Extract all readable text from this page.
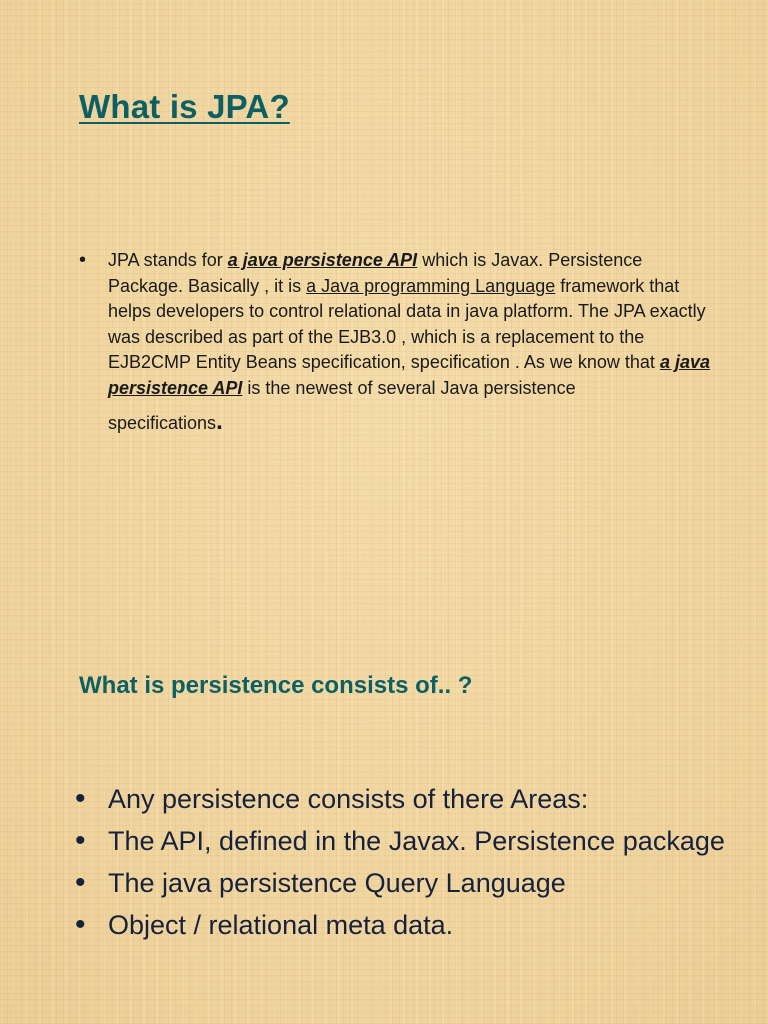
What is JPA?
• JPA stands for a java persistence API which is Javax. Persistence Package. Basically , it is a Java programming Language framework that helps developers to control relational data in java platform. The JPA exactly was described as part of the EJB3.0 , which is a replacement to the EJB2CMP Entity Beans specification, specification . As we know that a java persistence API is the newest of several Java persistence
specifications.
What is persistence consists of.. ?
• Any persistence consists of there Areas:
• The API, defined in the Javax. Persistence package
• The java persistence Query Language
• Object / relational meta data.
